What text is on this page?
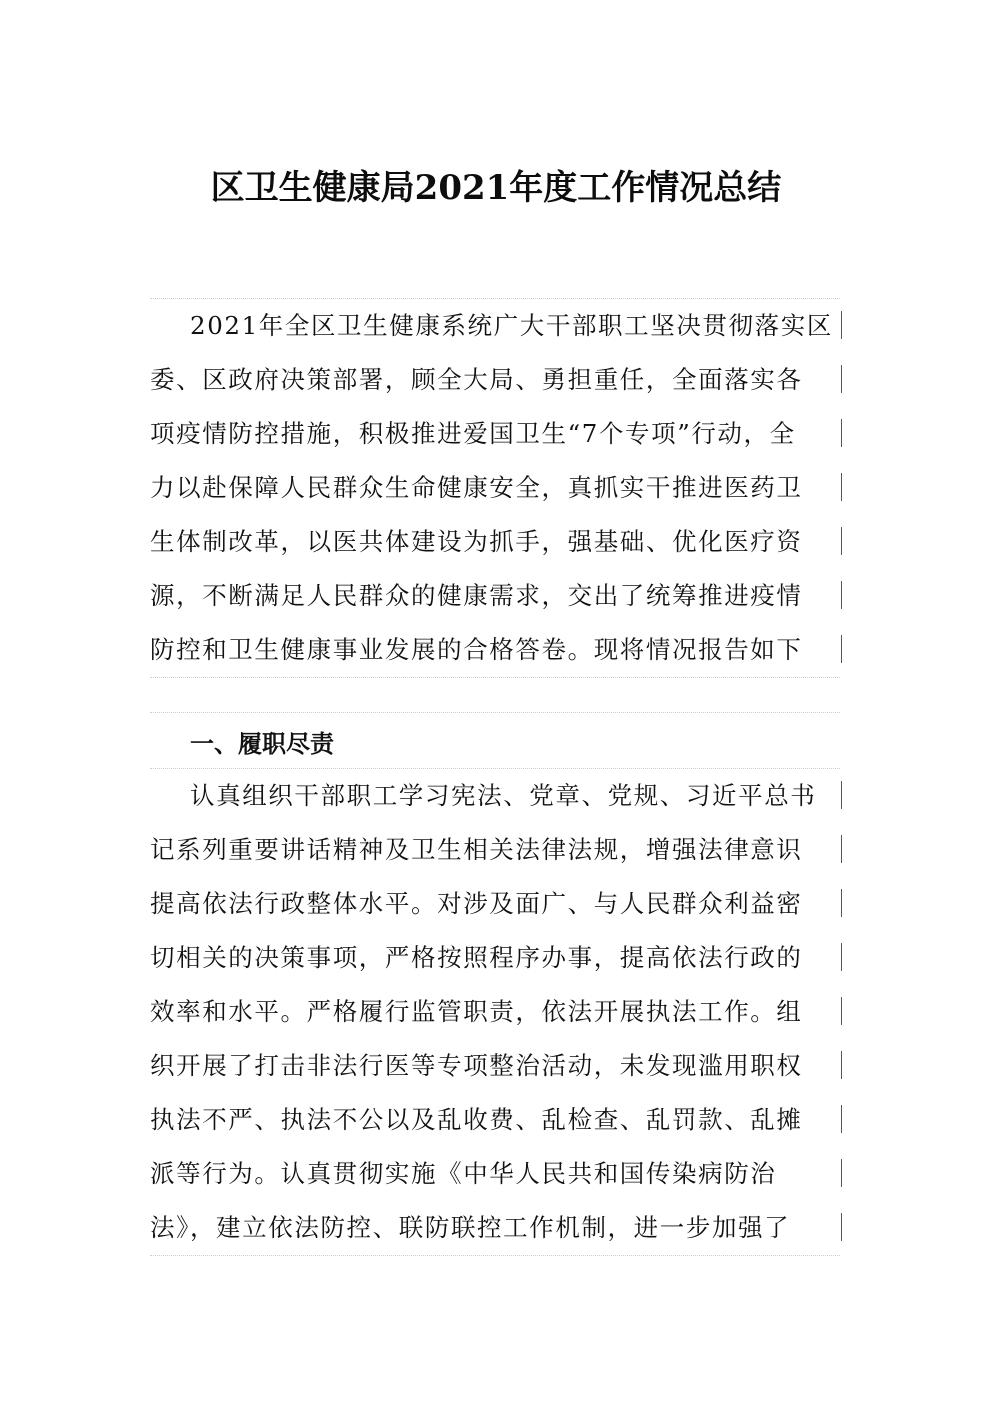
区卫生健康局2021年度工作情况总结
2021年全区卫生健康系统广大干部职工坚决贯彻落实区
委、区政府决策部署，顾全大局、勇担重任，全面落实各
项疫情防控措施，积极推进爱国卫生“7个专项”行动，全
力以赴保障人民群众生命健康安全，真抓实干推进医药卫
生体制改革，以医共体建设为抓手，强基础、优化医疗资
源，不断满足人民群众的健康需求，交出了统筹推进疫情
防控和卫生健康事业发展的合格答卷。现将情况报告如下
一、履职尽责
认真组织干部职工学习宪法、党章、党规、习近平总书
记系列重要讲话精神及卫生相关法律法规，增强法律意识
提高依法行政整体水平。对涉及面广、与人民群众利益密
切相关的决策事项，严格按照程序办事，提高依法行政的
效率和水平。严格履行监管职责，依法开展执法工作。组
织开展了打击非法行医等专项整治活动，未发现滥用职权
执法不严、执法不公以及乱收费、乱检查、乱罚款、乱摊
派等行为。认真贯彻实施《中华人民共和国传染病防治
法》，建立依法防控、联防联控工作机制，进一步加强了
